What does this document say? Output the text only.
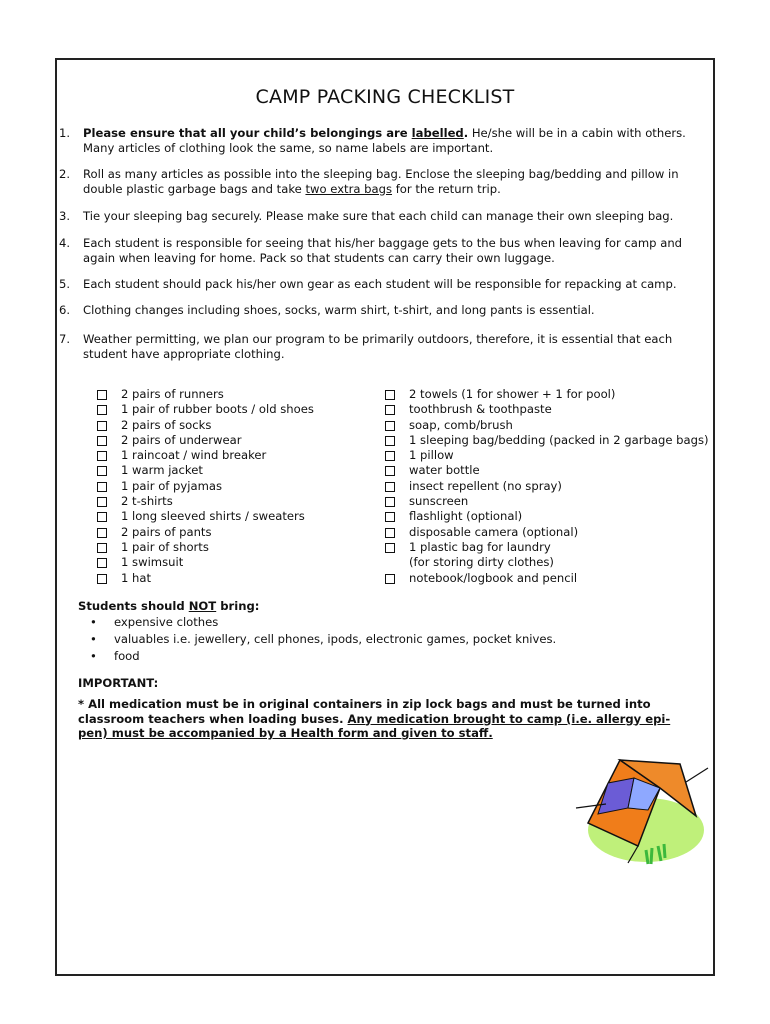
CAMP PACKING CHECKLIST
1. Please ensure that all your child’s belongings are labelled. He/she will be in a cabin with others. Many articles of clothing look the same, so name labels are important.
2. Roll as many articles as possible into the sleeping bag. Enclose the sleeping bag/bedding and pillow in double plastic garbage bags and take two extra bags for the return trip.
3. Tie your sleeping bag securely. Please make sure that each child can manage their own sleeping bag.
4. Each student is responsible for seeing that his/her baggage gets to the bus when leaving for camp and again when leaving for home. Pack so that students can carry their own luggage.
5. Each student should pack his/her own gear as each student will be responsible for repacking at camp.
6. Clothing changes including shoes, socks, warm shirt, t-shirt, and long pants is essential.
7. Weather permitting, we plan our program to be primarily outdoors, therefore, it is essential that each student have appropriate clothing.
2 pairs of runners
1 pair of rubber boots / old shoes
2 pairs of socks
2 pairs of underwear
1 raincoat / wind breaker
1 warm jacket
1 pair of pyjamas
2 t-shirts
1 long sleeved shirts / sweaters
2 pairs of pants
1 pair of shorts
1 swimsuit
1 hat
2 towels (1 for shower + 1 for pool)
toothbrush & toothpaste
soap, comb/brush
1 sleeping bag/bedding (packed in 2 garbage bags)
1 pillow
water bottle
insect repellent (no spray)
sunscreen
flashlight (optional)
disposable camera (optional)
1 plastic bag for laundry
(for storing dirty clothes)
notebook/logbook and pencil
Students should NOT bring:
• expensive clothes
• valuables i.e. jewellery, cell phones, ipods, electronic games, pocket knives.
• food
IMPORTANT:
* All medication must be in original containers in zip lock bags and must be turned into classroom teachers when loading buses. Any medication brought to camp (i.e. allergy epi-pen) must be accompanied by a Health form and given to staff.
